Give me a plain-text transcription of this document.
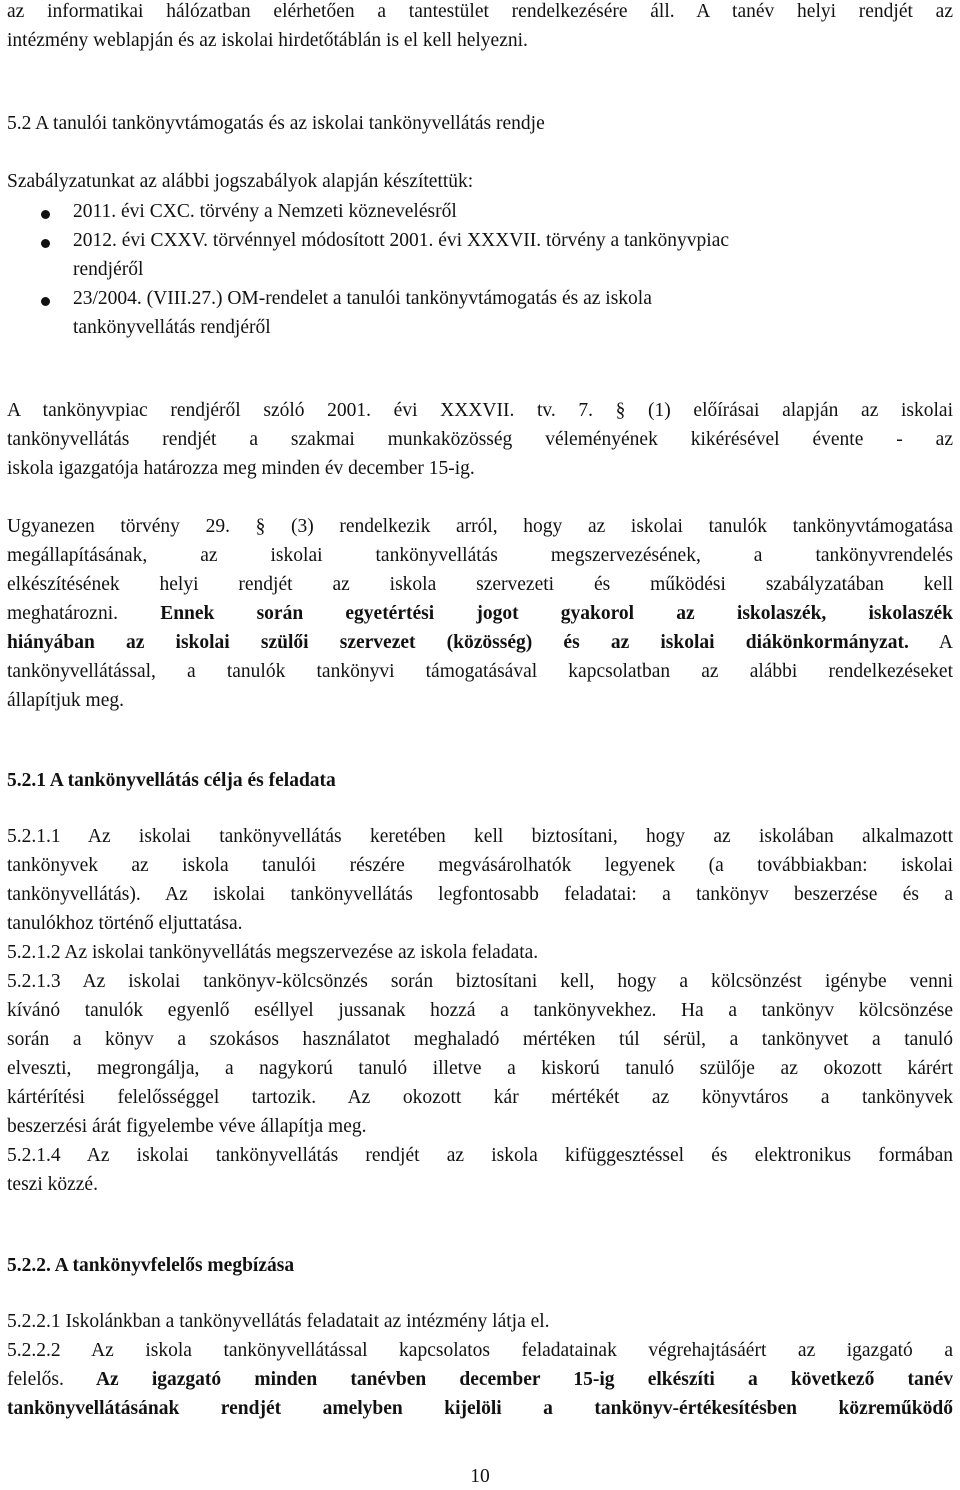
az informatikai hálózatban elérhetően a tantestület rendelkezésére áll. A tanév helyi rendjét az
intézmény weblapján és az iskolai hirdetőtáblán is el kell helyezni.
5.2 A tanulói tankönyvtámogatás és az iskolai tankönyvellátás rendje
Szabályzatunkat az alábbi jogszabályok alapján készítettük:
2011. évi CXC. törvény a Nemzeti köznevelésről
2012. évi CXXV. törvénnyel módosított 2001. évi XXXVII. törvény a tankönyvpiac
rendjéről
23/2004. (VIII.27.) OM-rendelet a tanulói tankönyvtámogatás és az iskola
tankönyvellátás rendjéről
A tankönyvpiac rendjéről szóló 2001. évi XXXVII. tv. 7. § (1) előírásai alapján az iskolai
tankönyvellátás rendjét a szakmai munkaközösség véleményének kikérésével évente - az
iskola igazgatója határozza meg minden év december 15-ig.
Ugyanezen törvény 29. § (3) rendelkezik arról, hogy az iskolai tanulók tankönyvtámogatása
megállapításának, az iskolai tankönyvellátás megszervezésének, a tankönyvrendelés
elkészítésének helyi rendjét az iskola szervezeti és működési szabályzatában kell
meghatározni. Ennek során egyetértési jogot gyakorol az iskolaszék, iskolaszék
hiányában az iskolai szülői szervezet (közösség) és az iskolai diákönkormányzat. A
tankönyvellátással, a tanulók tankönyvi támogatásával kapcsolatban az alábbi rendelkezéseket
állapítjuk meg.
5.2.1 A tankönyvellátás célja és feladata
5.2.1.1 Az iskolai tankönyvellátás keretében kell biztosítani, hogy az iskolában alkalmazott
tankönyvek az iskola tanulói részére megvásárolhatók legyenek (a továbbiakban: iskolai
tankönyvellátás). Az iskolai tankönyvellátás legfontosabb feladatai: a tankönyv beszerzése és a
tanulókhoz történő eljuttatása.
5.2.1.2 Az iskolai tankönyvellátás megszervezése az iskola feladata.
5.2.1.3 Az iskolai tankönyv-kölcsönzés során biztosítani kell, hogy a kölcsönzést igénybe venni
kívánó tanulók egyenlő eséllyel jussanak hozzá a tankönyvekhez. Ha a tankönyv kölcsönzése
során a könyv a szokásos használatot meghaladó mértéken túl sérül, a tankönyvet a tanuló
elveszti, megrongálja, a nagykorú tanuló illetve a kiskorú tanuló szülője az okozott kárért
kártérítési felelősséggel tartozik. Az okozott kár mértékét az könyvtáros a tankönyvek
beszerzési árát figyelembe véve állapítja meg.
5.2.1.4 Az iskolai tankönyvellátás rendjét az iskola kifüggesztéssel és elektronikus formában
teszi közzé.
5.2.2. A tankönyvfelelős megbízása
5.2.2.1 Iskolánkban a tankönyvellátás feladatait az intézmény látja el.
5.2.2.2 Az iskola tankönyvellátással kapcsolatos feladatainak végrehajtásáért az igazgató a
felelős. Az igazgató minden tanévben december 15-ig elkészíti a következő tanév
tankönyvellátásának rendjét amelyben kijelöli a tankönyv-értékesítésben közreműködő
10
